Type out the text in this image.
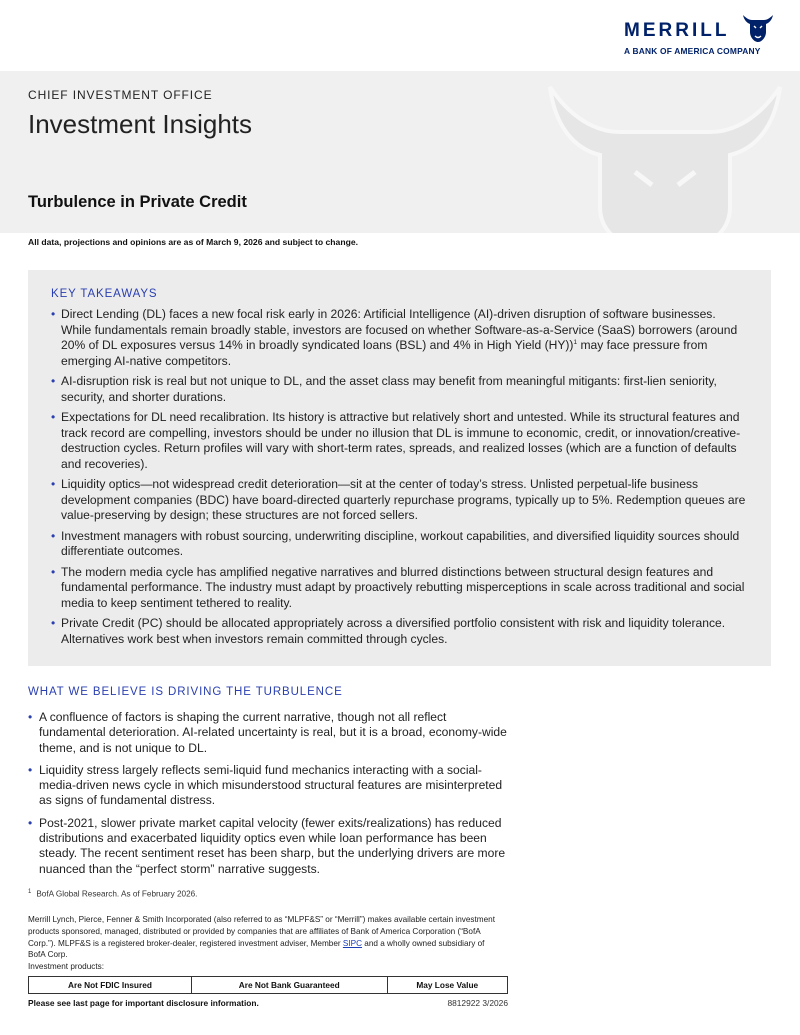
MERRILL
A BANK OF AMERICA COMPANY
CHIEF INVESTMENT OFFICE
Investment Insights
Turbulence in Private Credit
All data, projections and opinions are as of March 9, 2026 and subject to change.
KEY TAKEAWAYS
• Direct Lending (DL) faces a new focal risk early in 2026: Artificial Intelligence (AI)-driven disruption of software businesses. While fundamentals remain broadly stable, investors are focused on whether Software-as-a-Service (SaaS) borrowers (around 20% of DL exposures versus 14% in broadly syndicated loans (BSL) and 4% in High Yield (HY))$^1$ may face pressure from emerging AI-native competitors.
• AI-disruption risk is real but not unique to DL, and the asset class may benefit from meaningful mitigants: first-lien seniority, security, and shorter durations.
• Expectations for DL need recalibration. Its history is attractive but relatively short and untested. While its structural features and track record are compelling, investors should be under no illusion that DL is immune to economic, credit, or innovation/creative-destruction cycles. Return profiles will vary with short-term rates, spreads, and realized losses (which are a function of defaults and recoveries).
• Liquidity optics—not widespread credit deterioration—sit at the center of today’s stress. Unlisted perpetual-life business development companies (BDC) have board-directed quarterly repurchase programs, typically up to 5%. Redemption queues are value-preserving by design; these structures are not forced sellers.
• Investment managers with robust sourcing, underwriting discipline, workout capabilities, and diversified liquidity sources should differentiate outcomes.
• The modern media cycle has amplified negative narratives and blurred distinctions between structural design features and fundamental performance. The industry must adapt by proactively rebutting misperceptions in scale across traditional and social media to keep sentiment tethered to reality.
• Private Credit (PC) should be allocated appropriately across a diversified portfolio consistent with risk and liquidity tolerance. Alternatives work best when investors remain committed through cycles.
WHAT WE BELIEVE IS DRIVING THE TURBULENCE
• A confluence of factors is shaping the current narrative, though not all reflect fundamental deterioration. AI-related uncertainty is real, but it is a broad, economy-wide theme, and is not unique to DL.
• Liquidity stress largely reflects semi-liquid fund mechanics interacting with a social-media-driven news cycle in which misunderstood structural features are misinterpreted as signs of fundamental distress.
• Post-2021, slower private market capital velocity (fewer exits/realizations) has reduced distributions and exacerbated liquidity optics even while loan performance has been steady. The recent sentiment reset has been sharp, but the underlying drivers are more nuanced than the “perfect storm” narrative suggests.
$^1$ BofA Global Research. As of February 2026.
Merrill Lynch, Pierce, Fenner & Smith Incorporated (also referred to as “MLPF&S” or “Merrill”) makes available certain investment products sponsored, managed, distributed or provided by companies that are affiliates of Bank of America Corporation (“BofA Corp.”). MLPF&S is a registered broker-dealer, registered investment adviser, Member SIPC and a wholly owned subsidiary of BofA Corp.
Investment products:
Are Not FDIC Insured	Are Not Bank Guaranteed	May Lose Value
Please see last page for important disclosure information.	8812922 3/2026
